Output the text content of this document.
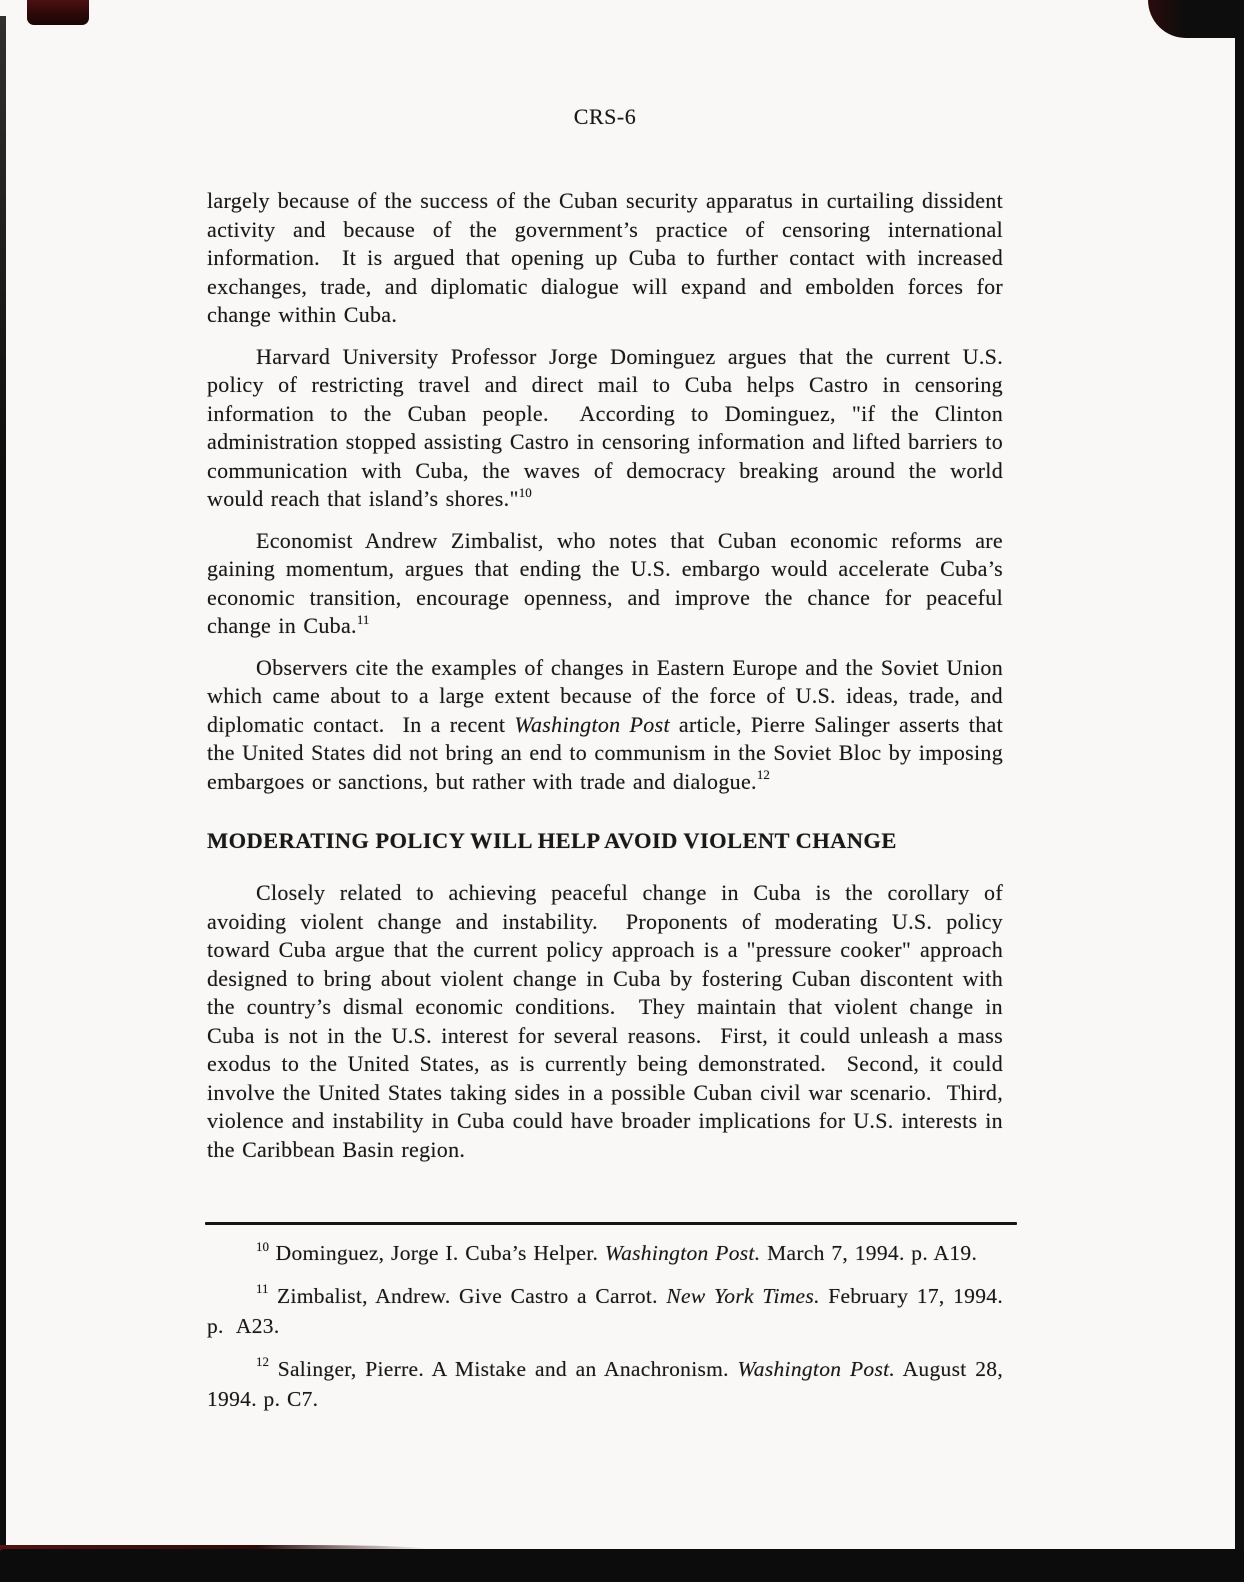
CRS-6

largely because of the success of the Cuban security apparatus in curtailing dissident activity and because of the government’s practice of censoring international information.  It is argued that opening up Cuba to further contact with increased exchanges, trade, and diplomatic dialogue will expand and embolden forces for change within Cuba.

Harvard University Professor Jorge Dominguez argues that the current U.S. policy of restricting travel and direct mail to Cuba helps Castro in censoring information to the Cuban people.  According to Dominguez, "if the Clinton administration stopped assisting Castro in censoring information and lifted barriers to communication with Cuba, the waves of democracy breaking around the world would reach that island’s shores."$^{10}$

Economist Andrew Zimbalist, who notes that Cuban economic reforms are gaining momentum, argues that ending the U.S. embargo would accelerate Cuba’s economic transition, encourage openness, and improve the chance for peaceful change in Cuba.$^{11}$

Observers cite the examples of changes in Eastern Europe and the Soviet Union which came about to a large extent because of the force of U.S. ideas, trade, and diplomatic contact.  In a recent Washington Post article, Pierre Salinger asserts that the United States did not bring an end to communism in the Soviet Bloc by imposing embargoes or sanctions, but rather with trade and dialogue.$^{12}$

MODERATING POLICY WILL HELP AVOID VIOLENT CHANGE

Closely related to achieving peaceful change in Cuba is the corollary of avoiding violent change and instability.  Proponents of moderating U.S. policy toward Cuba argue that the current policy approach is a "pressure cooker" approach designed to bring about violent change in Cuba by fostering Cuban discontent with the country’s dismal economic conditions.  They maintain that violent change in Cuba is not in the U.S. interest for several reasons.  First, it could unleash a mass exodus to the United States, as is currently being demonstrated.  Second, it could involve the United States taking sides in a possible Cuban civil war scenario.  Third, violence and instability in Cuba could have broader implications for U.S. interests in the Caribbean Basin region.

$^{10}$ Dominguez, Jorge I. Cuba’s Helper. Washington Post. March 7, 1994. p. A19.
$^{11}$ Zimbalist, Andrew. Give Castro a Carrot. New York Times. February 17, 1994. p.  A23.
$^{12}$ Salinger, Pierre. A Mistake and an Anachronism. Washington Post. August 28, 1994. p. C7.
